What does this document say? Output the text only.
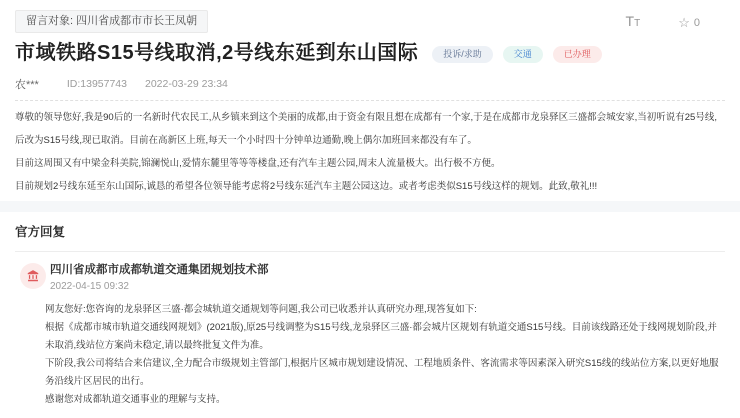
留言对象: 四川省成都市市长王凤朝	TT	☆ 0
市域铁路S15号线取消,2号线东延到东山国际	投诉/求助	交通	已办理
农***	ID:13957743 2022-03-29 23:34

尊敬的领导您好,我是90后的一名新时代农民工,从乡镇来到这个美丽的成都,由于资金有限且想在成都有一个家,于是在成都市龙泉驿区三盛都会城安家,当初听说有25号线,后改为S15号线,现已取消。目前在高新区上班,每天一个小时四十分钟单边通勤,晚上偶尔加班回来都没有车了。

目前这周围又有中梁金科美院,锦澜悦山,爱情东麓里等等等楼盘,还有汽车主题公园,周末人流量极大。出行极不方便。

目前规划2号线东延至东山国际,诚恳的希望各位领导能考虑将2号线东延汽车主题公园这边。或者考虑类似S15号线这样的规划。此致,敬礼!!!

官方回复
四川省成都市成都轨道交通集团规划技术部
2022-04-15 09:32

网友您好:您咨询的龙泉驿区三盛·都会城轨道交通规划等问题,我公司已收悉并认真研究办理,现答复如下:

根据《成都市城市轨道交通线网规划》(2021版),原25号线调整为S15号线,龙泉驿区三盛·都会城片区规划有轨道交通S15号线。目前该线路还处于线网规划阶段,并未取消,线站位方案尚未稳定,请以最终批复文件为准。

下阶段,我公司将结合来信建议,全力配合市级规划主管部门,根据片区城市规划建设情况、工程地质条件、客流需求等因素深入研究S15线的线站位方案,以更好地服务沿线片区居民的出行。

感谢您对成都轨道交通事业的理解与支持。
